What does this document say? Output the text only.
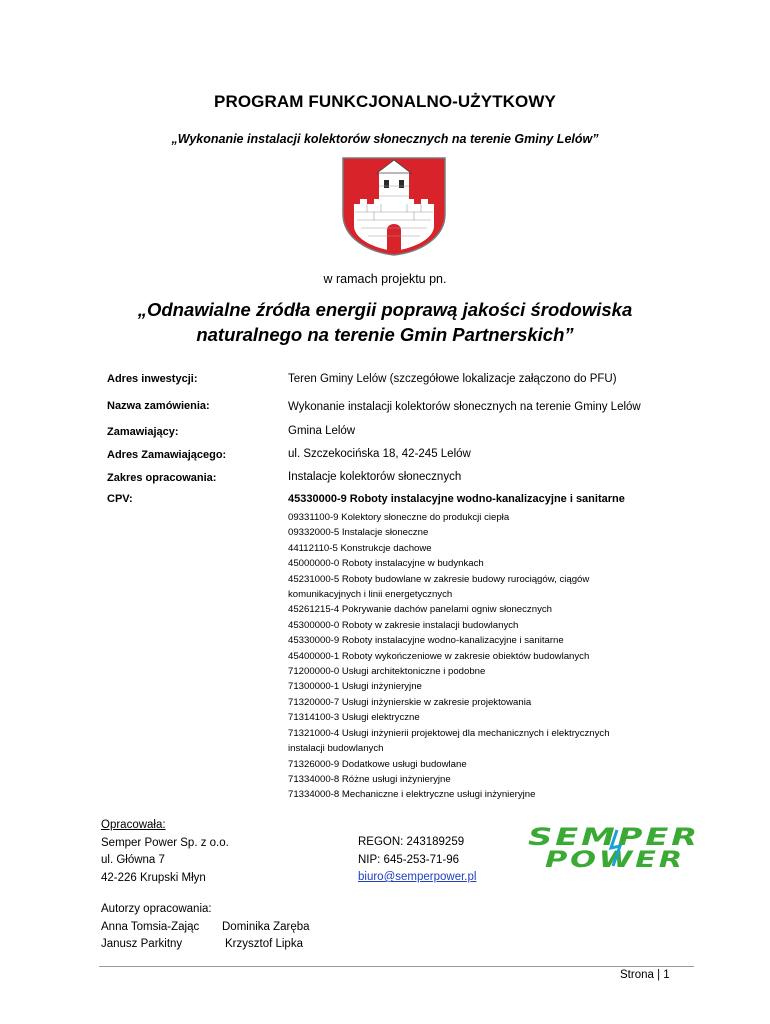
PROGRAM FUNKCJONALNO-UŻYTKOWY
„Wykonanie instalacji kolektorów słonecznych na terenie Gminy Lelów”
w ramach projektu pn.
„Odnawialne źródła energii poprawą jakości środowiska
naturalnego na terenie Gmin Partnerskich”
Adres inwestycji:	Teren Gminy Lelów (szczegółowe lokalizacje załączono do PFU)
Nazwa zamówienia:	Wykonanie instalacji kolektorów słonecznych na terenie Gminy Lelów
Zamawiający:	Gmina Lelów
Adres Zamawiającego:	ul. Szczekocińska 18, 42-245 Lelów
Zakres opracowania:	Instalacje kolektorów słonecznych
CPV:	45330000-9 Roboty instalacyjne wodno-kanalizacyjne i sanitarne
09331100-9 Kolektory słoneczne do produkcji ciepła
09332000-5 Instalacje słoneczne
44112110-5 Konstrukcje dachowe
45000000-0 Roboty instalacyjne w budynkach
45231000-5 Roboty budowlane w zakresie budowy rurociągów, ciągów
komunikacyjnych i linii energetycznych
45261215-4 Pokrywanie dachów panelami ogniw słonecznych
45300000-0 Roboty w zakresie instalacji budowlanych
45330000-9 Roboty instalacyjne wodno-kanalizacyjne i sanitarne
45400000-1 Roboty wykończeniowe w zakresie obiektów budowlanych
71200000-0 Usługi architektoniczne i podobne
71300000-1 Usługi inżynieryjne
71320000-7 Usługi inżynierskie w zakresie projektowania
71314100-3 Usługi elektryczne
71321000-4 Usługi inżynierii projektowej dla mechanicznych i elektrycznych
instalacji budowlanych
71326000-9 Dodatkowe usługi budowlane
71334000-8 Różne usługi inżynieryjne
71334000-8 Mechaniczne i elektryczne usługi inżynieryjne
Opracowała:
Semper Power Sp. z o.o.
ul. Główna 7
42-226 Krupski Młyn
REGON: 243189259
NIP: 645-253-71-96
biuro@semperpower.pl
SEMPER
POWER
Autorzy opracowania:
Anna Tomsia-Zając Dominika Zaręba
Janusz Parkitny	Krzysztof Lipka
Strona | 1
